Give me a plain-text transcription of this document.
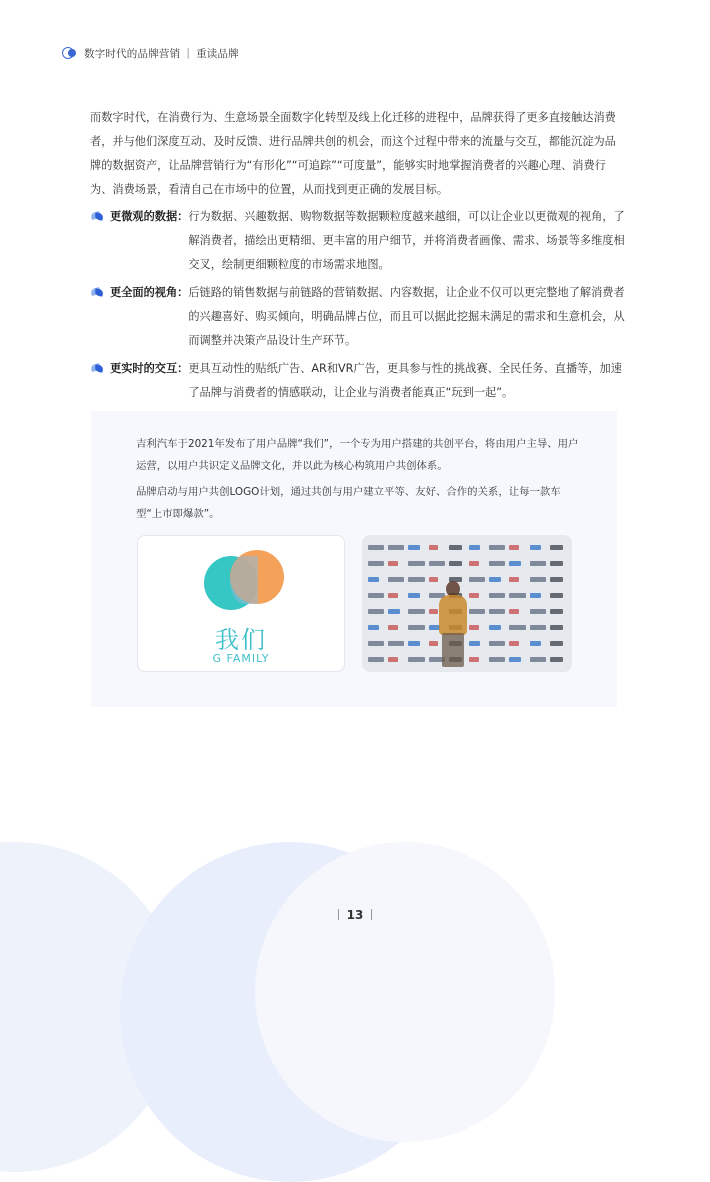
数字时代的品牌营销 | 重读品牌
而数字时代，在消费行为、生意场景全面数字化转型及线上化迁移的进程中，品牌获得了更多直接触达消费者，并与他们深度互动、及时反馈、进行品牌共创的机会，而这个过程中带来的流量与交互，都能沉淀为品牌的数据资产，让品牌营销行为“有形化”“可追踪”“可度量”，能够实时地掌握消费者的兴趣心理、消费行为、消费场景，看清自己在市场中的位置，从而找到更正确的发展目标。
更微观的数据： 行为数据、兴趣数据、购物数据等数据颗粒度越来越细，可以让企业以更微观的视角，了解消费者，描绘出更精细、更丰富的用户细节，并将消费者画像、需求、场景等多维度相交叉，绘制更细颗粒度的市场需求地图。
更全面的视角： 后链路的销售数据与前链路的营销数据、内容数据，让企业不仅可以更完整地了解消费者的兴趣喜好、购买倾向，明确品牌占位，而且可以据此挖掘未满足的需求和生意机会，从而调整并决策产品设计生产环节。
更实时的交互： 更具互动性的贴纸广告、AR和VR广告，更具参与性的挑战赛、全民任务、直播等，加速了品牌与消费者的情感联动，让企业与消费者能真正“玩到一起”。

吉利汽车于2021年发布了用户品牌“我们”，一个专为用户搭建的共创平台，将由用户主导、用户运营，以用户共识定义品牌文化，并以此为核心构筑用户共创体系。

品牌启动与用户共创LOGO计划，通过共创与用户建立平等、友好、合作的关系，让每一款车型“上市即爆款”。

我们
G FAMILY
13
